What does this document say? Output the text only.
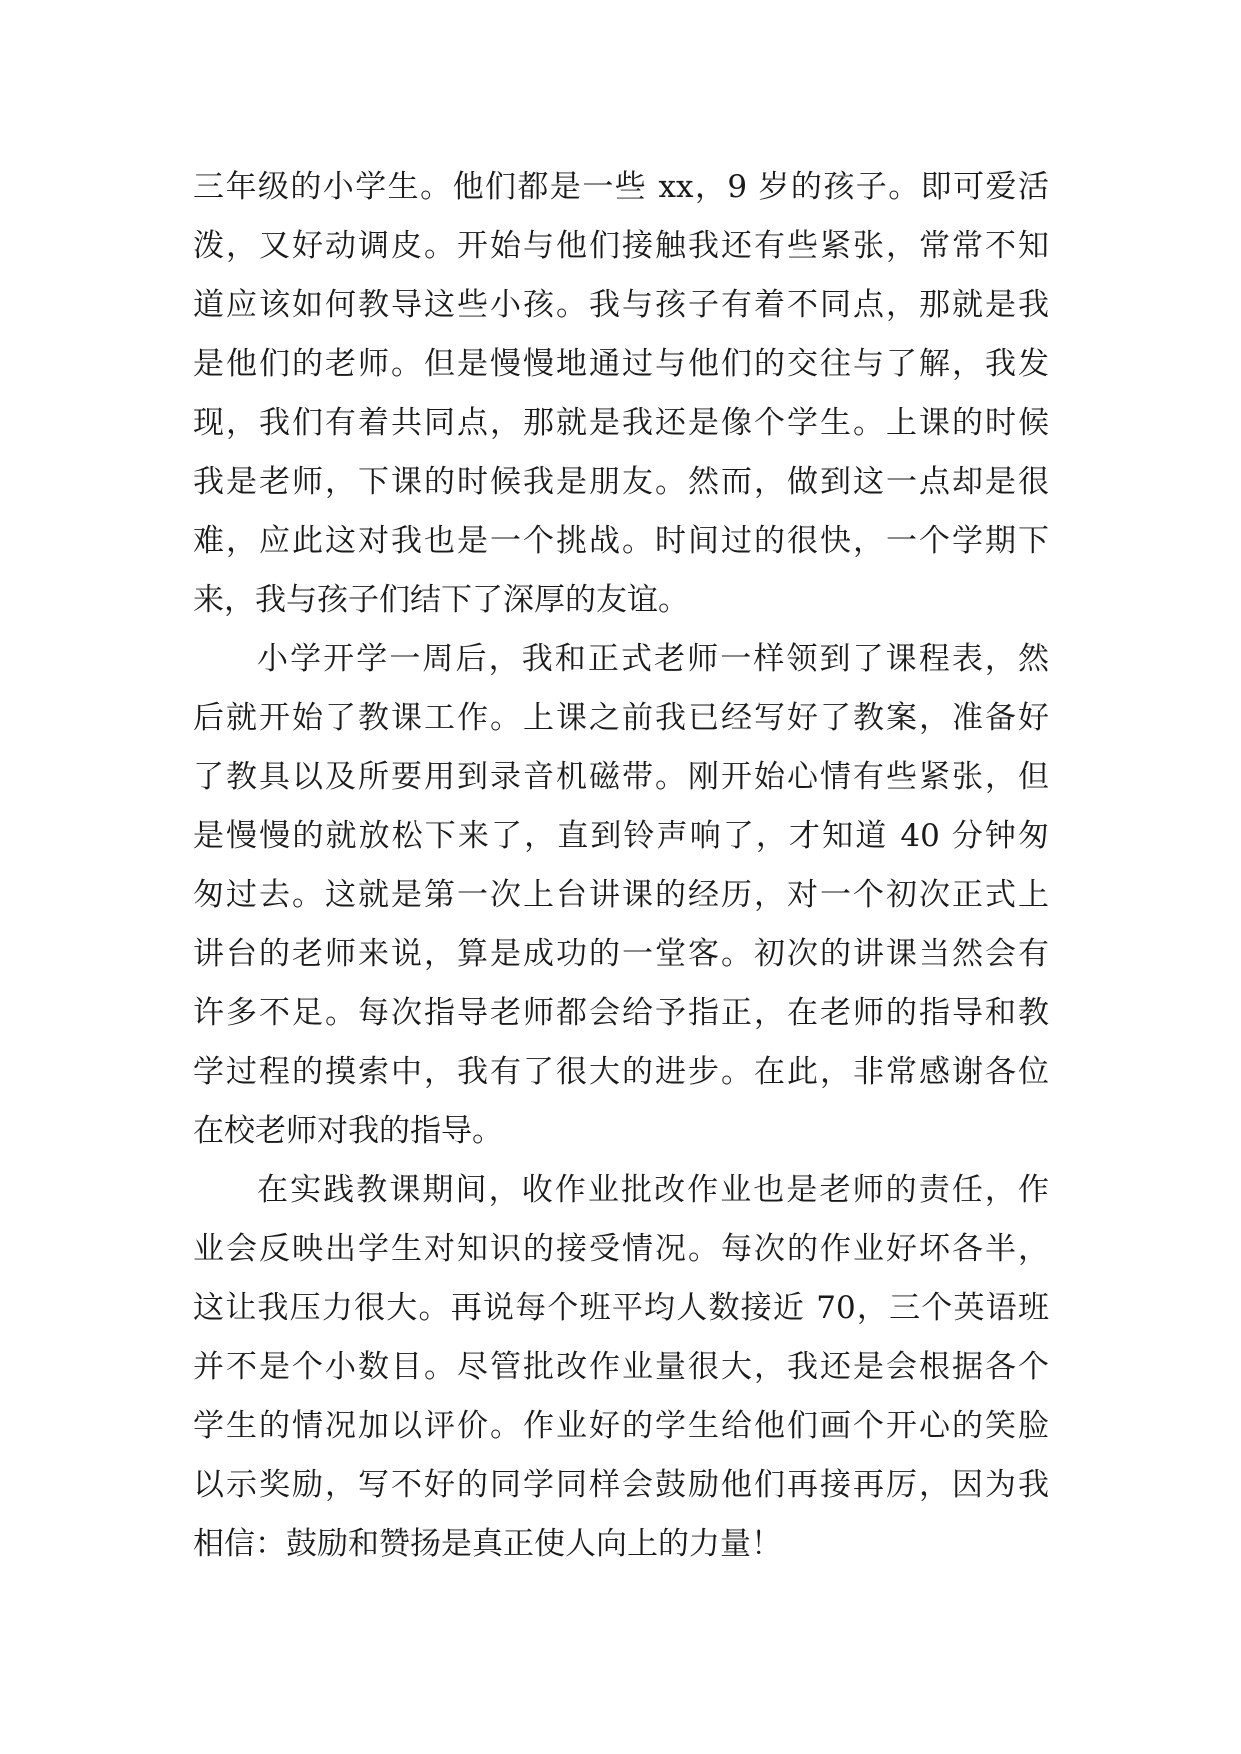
三年级的小学生。他们都是一些 xx，9 岁的孩子。即可爱活
泼，又好动调皮。开始与他们接触我还有些紧张，常常不知
道应该如何教导这些小孩。我与孩子有着不同点，那就是我
是他们的老师。但是慢慢地通过与他们的交往与了解，我发
现，我们有着共同点，那就是我还是像个学生。上课的时候
我是老师，下课的时候我是朋友。然而，做到这一点却是很
难，应此这对我也是一个挑战。时间过的很快，一个学期下
来，我与孩子们结下了深厚的友谊。
小学开学一周后，我和正式老师一样领到了课程表，然
后就开始了教课工作。上课之前我已经写好了教案，准备好
了教具以及所要用到录音机磁带。刚开始心情有些紧张，但
是慢慢的就放松下来了，直到铃声响了，才知道 40 分钟匆
匆过去。这就是第一次上台讲课的经历，对一个初次正式上
讲台的老师来说，算是成功的一堂客。初次的讲课当然会有
许多不足。每次指导老师都会给予指正，在老师的指导和教
学过程的摸索中，我有了很大的进步。在此，非常感谢各位
在校老师对我的指导。
在实践教课期间，收作业批改作业也是老师的责任，作
业会反映出学生对知识的接受情况。每次的作业好坏各半，
这让我压力很大。再说每个班平均人数接近 70，三个英语班
并不是个小数目。尽管批改作业量很大，我还是会根据各个
学生的情况加以评价。作业好的学生给他们画个开心的笑脸
以示奖励，写不好的同学同样会鼓励他们再接再厉，因为我
相信：鼓励和赞扬是真正使人向上的力量！
